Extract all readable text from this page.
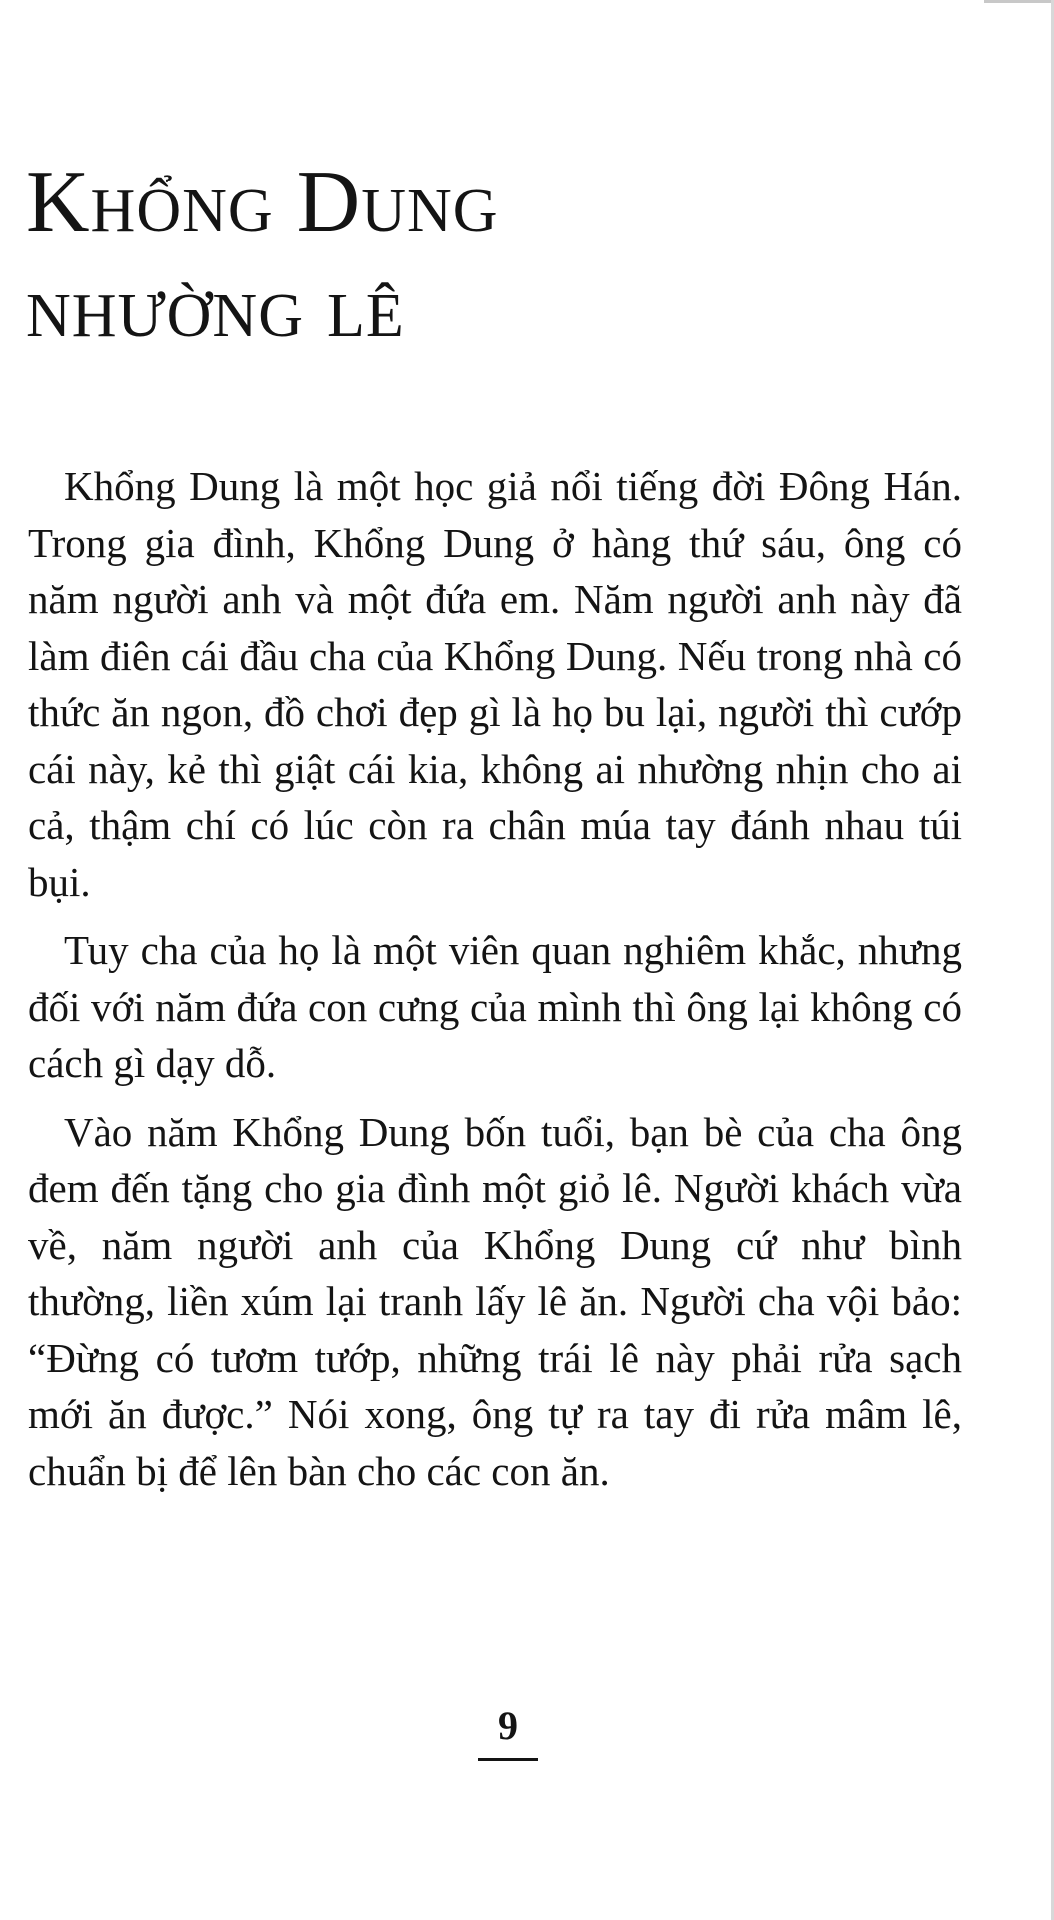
Khổng Dung
nhường lê

Khổng Dung là một học giả nổi tiếng đời Đông Hán. Trong gia đình, Khổng Dung ở hàng thứ sáu, ông có năm người anh và một đứa em. Năm người anh này đã làm điên cái đầu cha của Khổng Dung. Nếu trong nhà có thức ăn ngon, đồ chơi đẹp gì là họ bu lại, người thì cướp cái này, kẻ thì giật cái kia, không ai nhường nhịn cho ai cả, thậm chí có lúc còn ra chân múa tay đánh nhau túi bụi.

Tuy cha của họ là một viên quan nghiêm khắc, nhưng đối với năm đứa con cưng của mình thì ông lại không có cách gì dạy dỗ.

Vào năm Khổng Dung bốn tuổi, bạn bè của cha ông đem đến tặng cho gia đình một giỏ lê. Người khách vừa về, năm người anh của Khổng Dung cứ như bình thường, liền xúm lại tranh lấy lê ăn. Người cha vội bảo: “Đừng có tươm tướp, những trái lê này phải rửa sạch mới ăn được.” Nói xong, ông tự ra tay đi rửa mâm lê, chuẩn bị để lên bàn cho các con ăn.

9
